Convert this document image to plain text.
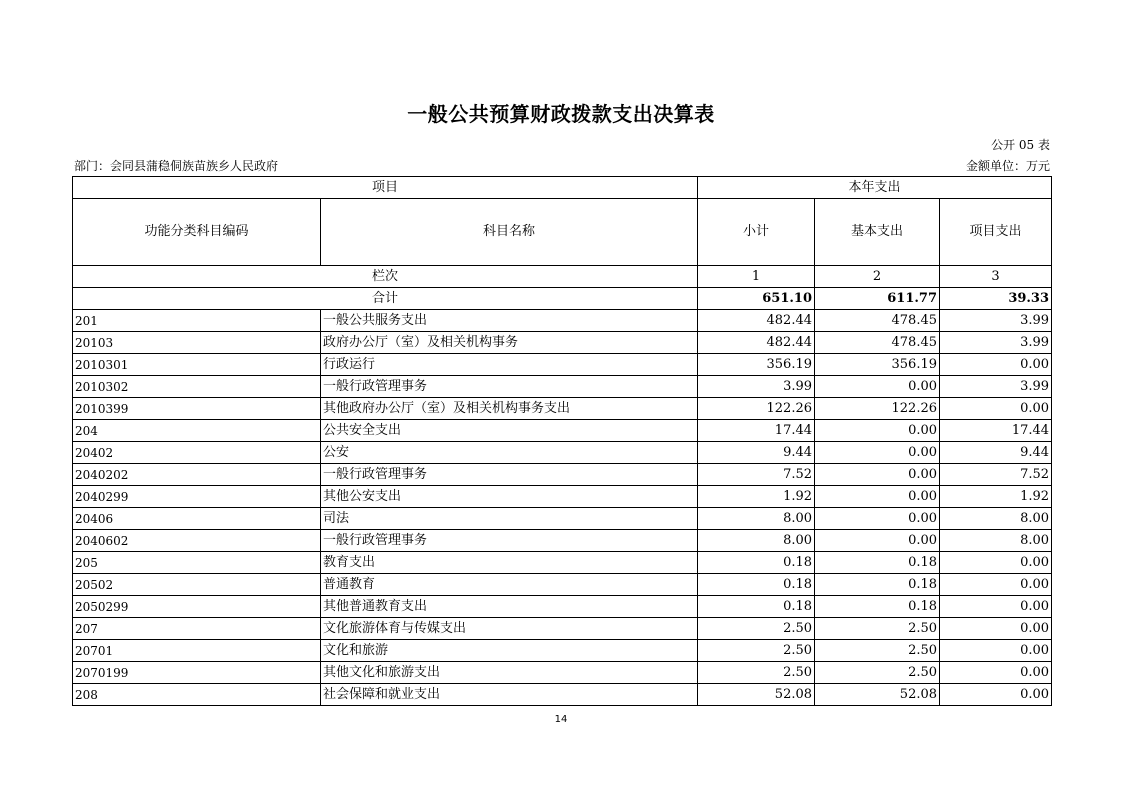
一般公共预算财政拨款支出决算表
公开 05 表
部门：会同县蒲稳侗族苗族乡人民政府	金额单位：万元
项目		本年支出		
功能分类科目编码	科目名称	小计	基本支出	项目支出
栏次		1	2	3
合计		651.10	611.77	39.33
201	一般公共服务支出	482.44	478.45	3.99
20103	政府办公厅（室）及相关机构事务	482.44	478.45	3.99
2010301	行政运行	356.19	356.19	0.00
2010302	一般行政管理事务	3.99	0.00	3.99
2010399	其他政府办公厅（室）及相关机构事务支出	122.26	122.26	0.00
204	公共安全支出	17.44	0.00	17.44
20402	公安	9.44	0.00	9.44
2040202	一般行政管理事务	7.52	0.00	7.52
2040299	其他公安支出	1.92	0.00	1.92
20406	司法	8.00	0.00	8.00
2040602	一般行政管理事务	8.00	0.00	8.00
205	教育支出	0.18	0.18	0.00
20502	普通教育	0.18	0.18	0.00
2050299	其他普通教育支出	0.18	0.18	0.00
207	文化旅游体育与传媒支出	2.50	2.50	0.00
20701	文化和旅游	2.50	2.50	0.00
2070199	其他文化和旅游支出	2.50	2.50	0.00
208	社会保障和就业支出	52.08	52.08	0.00
14
